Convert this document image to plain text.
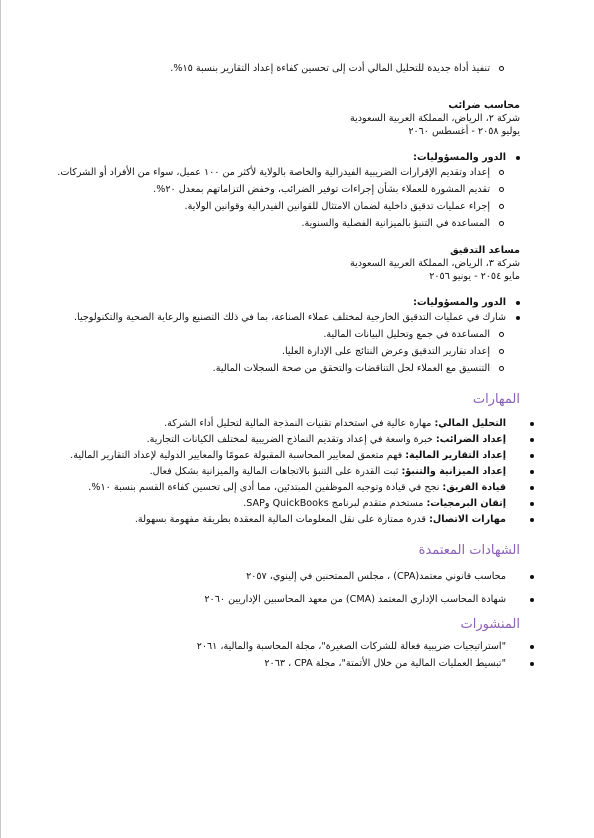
تنفيذ أداة جديدة للتحليل المالي أدت إلى تحسين كفاءة إعداد التقارير بنسبة ١٥%.
محاسب ضرائب
شركة ٢، الرياض، المملكة العربية السعودية
يوليو ٢٠٥٨ - أغسطس ٢٠٦٠
الدور والمسؤوليات:
إعداد وتقديم الإقرارات الضريبية الفيدرالية والخاصة بالولاية لأكثر من ١٠٠ عميل، سواء من الأفراد أو الشركات.
تقديم المشورة للعملاء بشأن إجراءات توفير الضرائب، وخفض التزاماتهم بمعدل ٢٠%.
إجراء عمليات تدقيق داخلية لضمان الامتثال للقوانين الفيدرالية وقوانين الولاية.
المساعدة في التنبؤ بالميزانية الفصلية والسنوية.
مساعد التدقيق
شركة ٣، الرياض، المملكة العربية السعودية
مايو ٢٠٥٤ - يونيو ٢٠٥٦
الدور والمسؤوليات:
شارك في عمليات التدقيق الخارجية لمختلف عملاء الصناعة، بما في ذلك التصنيع والرعاية الصحية والتكنولوجيا.
المساعدة في جمع وتحليل البيانات المالية.
إعداد تقارير التدقيق وعرض النتائج على الإدارة العليا.
التنسيق مع العملاء لحل التناقضات والتحقق من صحة السجلات المالية.
المهارات
التحليل المالي: مهارة عالية في استخدام تقنيات النمذجة المالية لتحليل أداء الشركة.
إعداد الضرائب: خبرة واسعة في إعداد وتقديم النماذج الضريبية لمختلف الكيانات التجارية.
إعداد التقارير المالية: فهم متعمق لمعايير المحاسبة المقبولة عمومًا والمعايير الدولية لإعداد التقارير المالية.
إعداد الميزانية والتنبؤ: ثبت القدرة على التنبؤ بالاتجاهات المالية والميزانية بشكل فعال.
قيادة الفريق: نجح في قيادة وتوجيه الموظفين المبتدئين، مما أدى إلى تحسين كفاءة القسم بنسبة ١٠%.
إتقان البرمجيات: مستخدم متقدم لبرنامج QuickBooks وSAP.
مهارات الاتصال: قدرة ممتازة على نقل المعلومات المالية المعقدة بطريقة مفهومة بسهولة.
الشهادات المعتمدة
محاسب قانوني معتمد(CPA) ، مجلس الممتحنين في إلينوي، ٢٠٥٧
شهادة المحاسب الإداري المعتمد (CMA) من معهد المحاسبين الإداريين ٢٠٦٠
المنشورات
"استراتيجيات ضريبية فعالة للشركات الصغيرة"، مجلة المحاسبة والمالية، ٢٠٦١
"تبسيط العمليات المالية من خلال الأتمتة"، مجلة CPA ، ٢٠٦٣
